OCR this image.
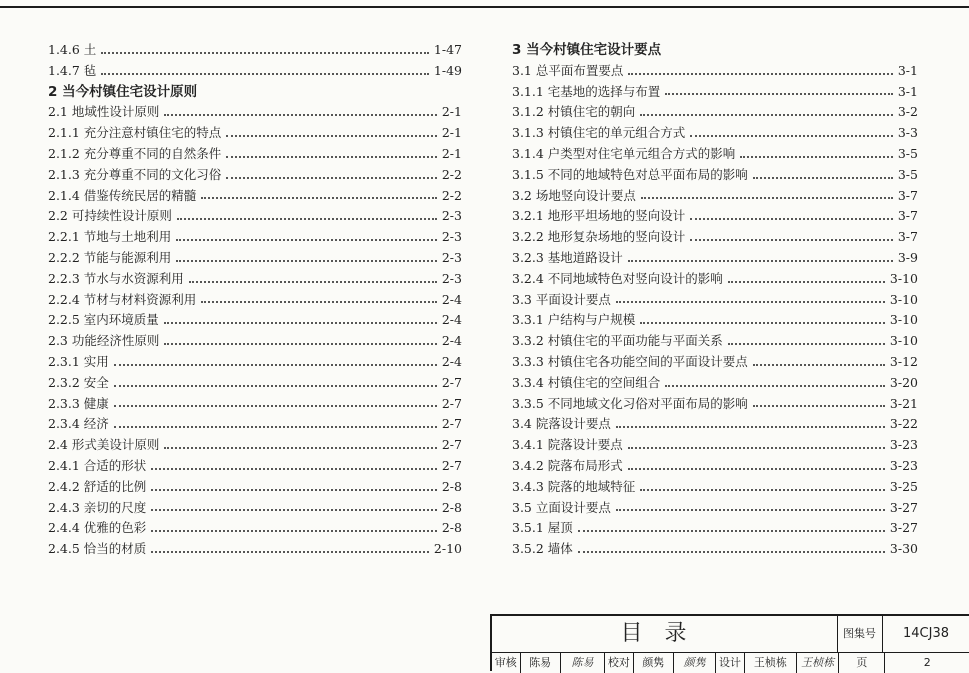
1.4.6 土	1-47
1.4.7 毡	1-49
2 当今村镇住宅设计原则
2.1 地域性设计原则	2-1
2.1.1 充分注意村镇住宅的特点	2-1
2.1.2 充分尊重不同的自然条件	2-1
2.1.3 充分尊重不同的文化习俗	2-2
2.1.4 借鉴传统民居的精髓	2-2
2.2 可持续性设计原则	2-3
2.2.1 节地与土地利用	2-3
2.2.2 节能与能源利用	2-3
2.2.3 节水与水资源利用	2-3
2.2.4 节材与材料资源利用	2-4
2.2.5 室内环境质量	2-4
2.3 功能经济性原则	2-4
2.3.1 实用	2-4
2.3.2 安全	2-7
2.3.3 健康	2-7
2.3.4 经济	2-7
2.4 形式美设计原则	2-7
2.4.1 合适的形状	2-7
2.4.2 舒适的比例	2-8
2.4.3 亲切的尺度	2-8
2.4.4 优雅的色彩	2-8
2.4.5 恰当的材质	2-10
3 当今村镇住宅设计要点
3.1 总平面布置要点	3-1
3.1.1 宅基地的选择与布置	3-1
3.1.2 村镇住宅的朝向	3-2
3.1.3 村镇住宅的单元组合方式	3-3
3.1.4 户类型对住宅单元组合方式的影响	3-5
3.1.5 不同的地域特色对总平面布局的影响	3-5
3.2 场地竖向设计要点	3-7
3.2.1 地形平坦场地的竖向设计	3-7
3.2.2 地形复杂场地的竖向设计	3-7
3.2.3 基地道路设计	3-9
3.2.4 不同地域特色对竖向设计的影响	3-10
3.3 平面设计要点	3-10
3.3.1 户结构与户规模	3-10
3.3.2 村镇住宅的平面功能与平面关系	3-10
3.3.3 村镇住宅各功能空间的平面设计要点	3-12
3.3.4 村镇住宅的空间组合	3-20
3.3.5 不同地域文化习俗对平面布局的影响	3-21
3.4 院落设计要点	3-22
3.4.1 院落设计要点	3-23
3.4.2 院落布局形式	3-23
3.4.3 院落的地域特征	3-25
3.5 立面设计要点	3-27
3.5.1 屋顶	3-27
3.5.2 墙体	3-30
目录	图集号	14CJ38
审核	陈易	陈易	校对	颜隽	颜隽	设计	王桢栋	王桢栋	页	2
